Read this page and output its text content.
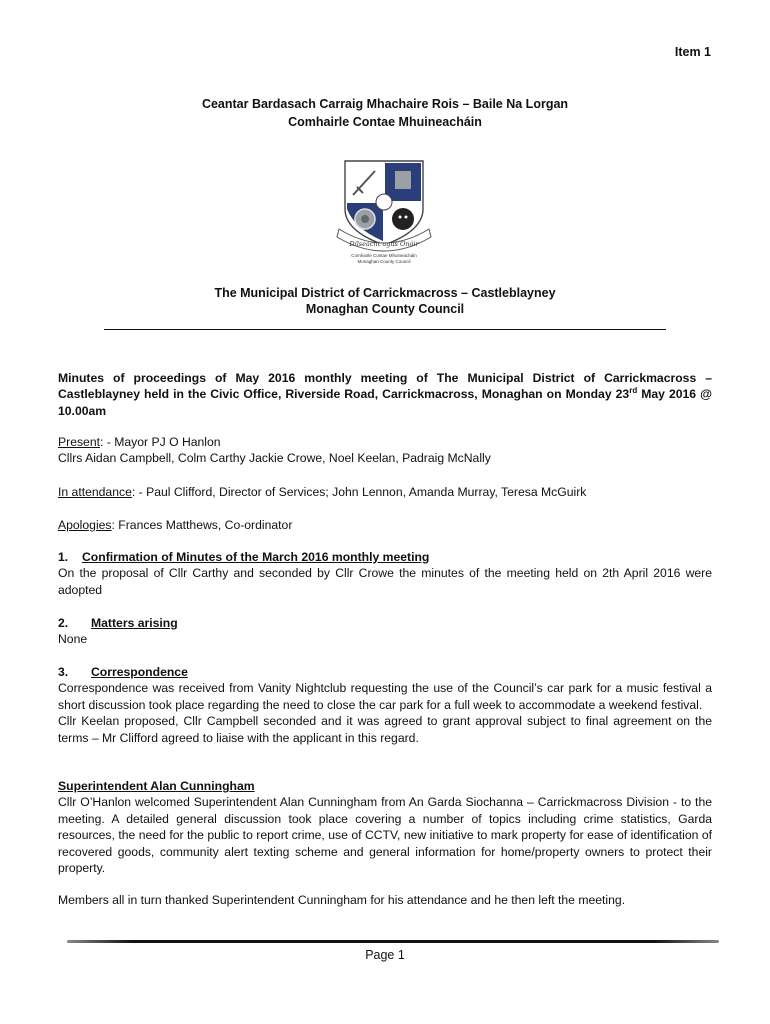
Item 1
Ceantar Bardasach Carraig Mhachaire Rois – Baile Na Lorgan
Comhairle Contae Mhuineacháin
Dílseacht agus Onóir
Comhairle Contae Mhuineacháin
Monaghan County Council
The Municipal District of Carrickmacross – Castleblayney
Monaghan County Council
Minutes of proceedings of May 2016 monthly meeting of The Municipal District of Carrickmacross – Castleblayney held in the Civic Office, Riverside Road, Carrickmacross, Monaghan on Monday 23rd May 2016 @ 10.00am
Present: - Mayor PJ O Hanlon
Cllrs Aidan Campbell, Colm Carthy Jackie Crowe, Noel Keelan, Padraig McNally
In attendance: - Paul Clifford, Director of Services; John Lennon, Amanda Murray, Teresa McGuirk
Apologies: Frances Matthews, Co-ordinator
1.	Confirmation of Minutes of the March 2016 monthly meeting
On the proposal of Cllr Carthy and seconded by Cllr Crowe the minutes of the meeting held on 2th April 2016 were adopted
2.	Matters arising
None
3.	Correspondence
Correspondence was received from Vanity Nightclub requesting the use of the Council’s car park for a music festival a short discussion took place regarding the need to close the car park for a full week to accommodate a weekend festival.
Cllr Keelan proposed, Cllr Campbell seconded and it was agreed to grant approval subject to final agreement on the terms – Mr Clifford agreed to liaise with the applicant in this regard.
Superintendent Alan Cunningham
Cllr O’Hanlon welcomed Superintendent Alan Cunningham from An Garda Siochanna – Carrickmacross Division - to the meeting. A detailed general discussion took place covering a number of topics including crime statistics, Garda resources, the need for the public to report crime, use of CCTV, new initiative to mark property for ease of identification of recovered goods, community alert texting scheme and general information for home/property owners to protect their property.
Members all in turn thanked Superintendent Cunningham for his attendance and he then left the meeting.
Page 1
